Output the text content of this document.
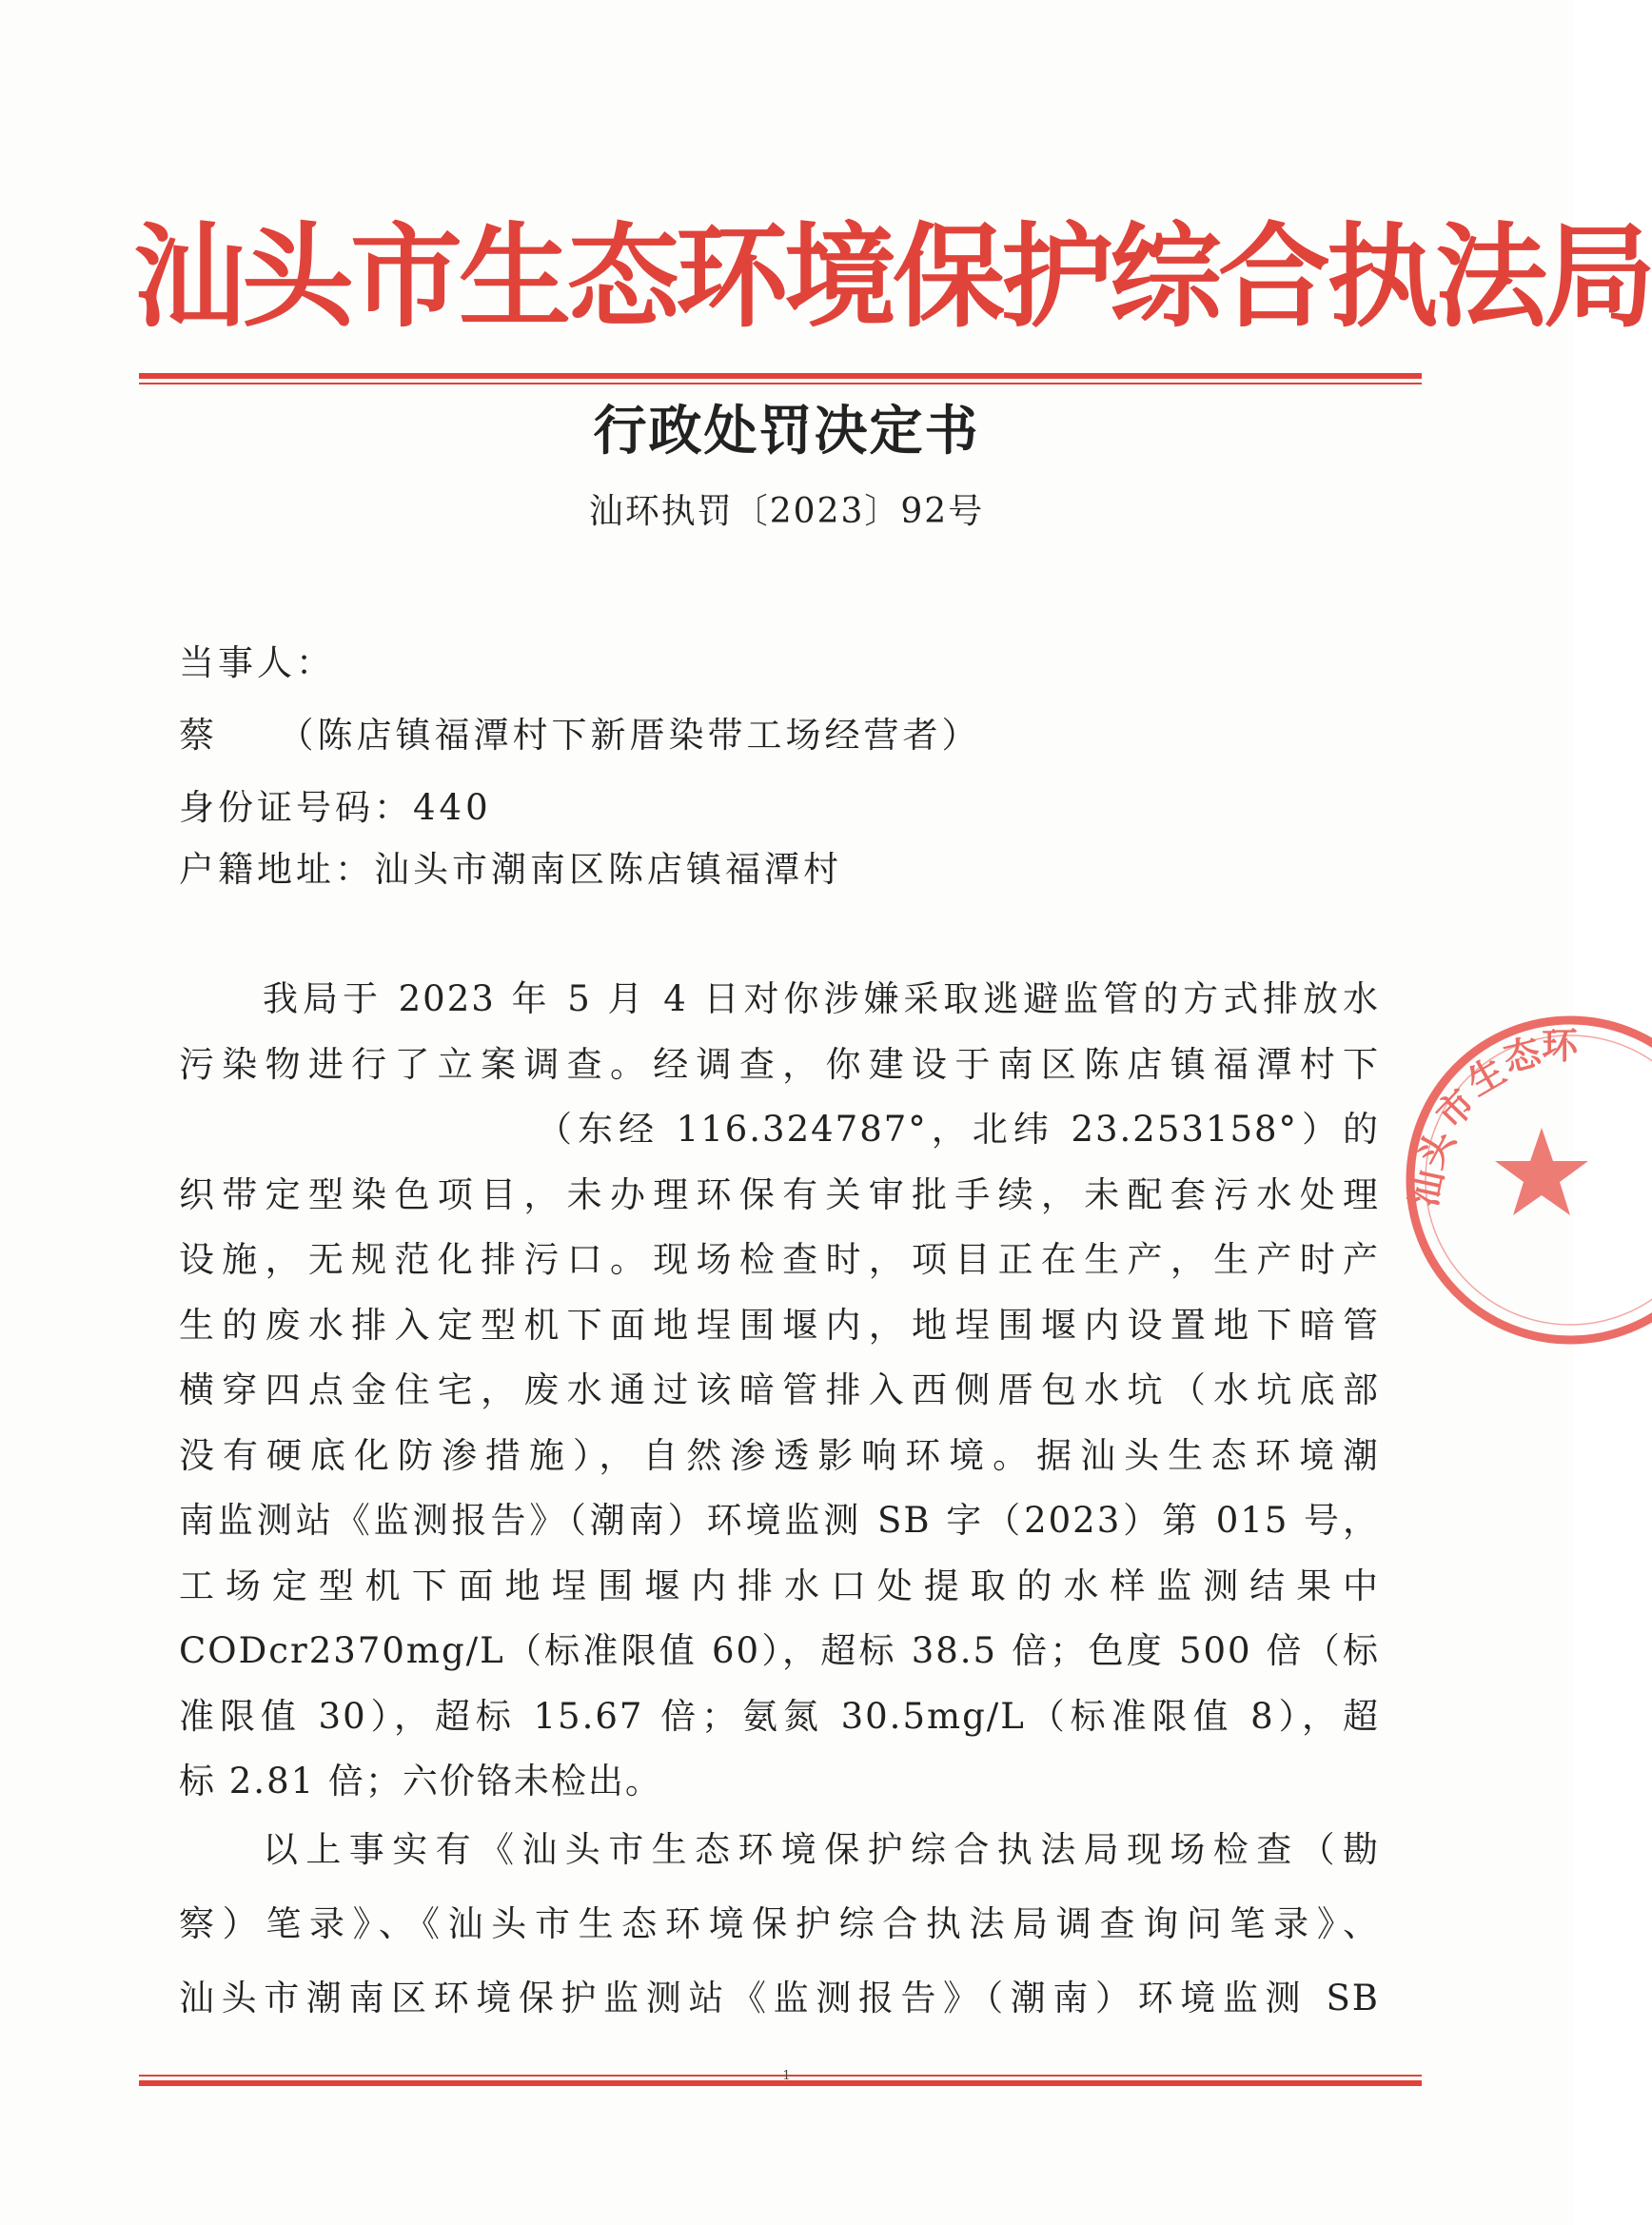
汕头市生态环境保护综合执法局
行政处罚决定书
汕环执罚〔2023〕92号
当事人：
蔡　　（陈店镇福潭村下新厝染带工场经营者）
身份证号码：440
户籍地址：汕头市潮南区陈店镇福潭村
我局于 2023 年 5 月 4 日对你涉嫌采取逃避监管的方式排放水
污染物进行了立案调查。经调查，你建设于南区陈店镇福潭村下
（东经 116.324787°，北纬 23.253158°）的
织带定型染色项目，未办理环保有关审批手续，未配套污水处理
设施，无规范化排污口。现场检查时，项目正在生产，生产时产
生的废水排入定型机下面地埕围堰内，地埕围堰内设置地下暗管
横穿四点金住宅，废水通过该暗管排入西侧厝包水坑（水坑底部
没有硬底化防渗措施），自然渗透影响环境。据汕头生态环境潮
南监测站《监测报告》（潮南）环境监测 SB 字（2023）第 015 号，
工场定型机下面地埕围堰内排水口处提取的水样监测结果中
CODcr2370mg/L（标准限值 60），超标 38.5 倍；色度 500 倍（标
准限值 30），超标 15.67 倍；氨氮 30.5mg/L（标准限值 8），超
标 2.81 倍；六价铬未检出。
以上事实有《汕头市生态环境保护综合执法局现场检查（勘
察）笔录》、《汕头市生态环境保护综合执法局调查询问笔录》、
汕头市潮南区环境保护监测站《监测报告》（潮南）环境监测 SB
1
汕
头
市
生
态
环
